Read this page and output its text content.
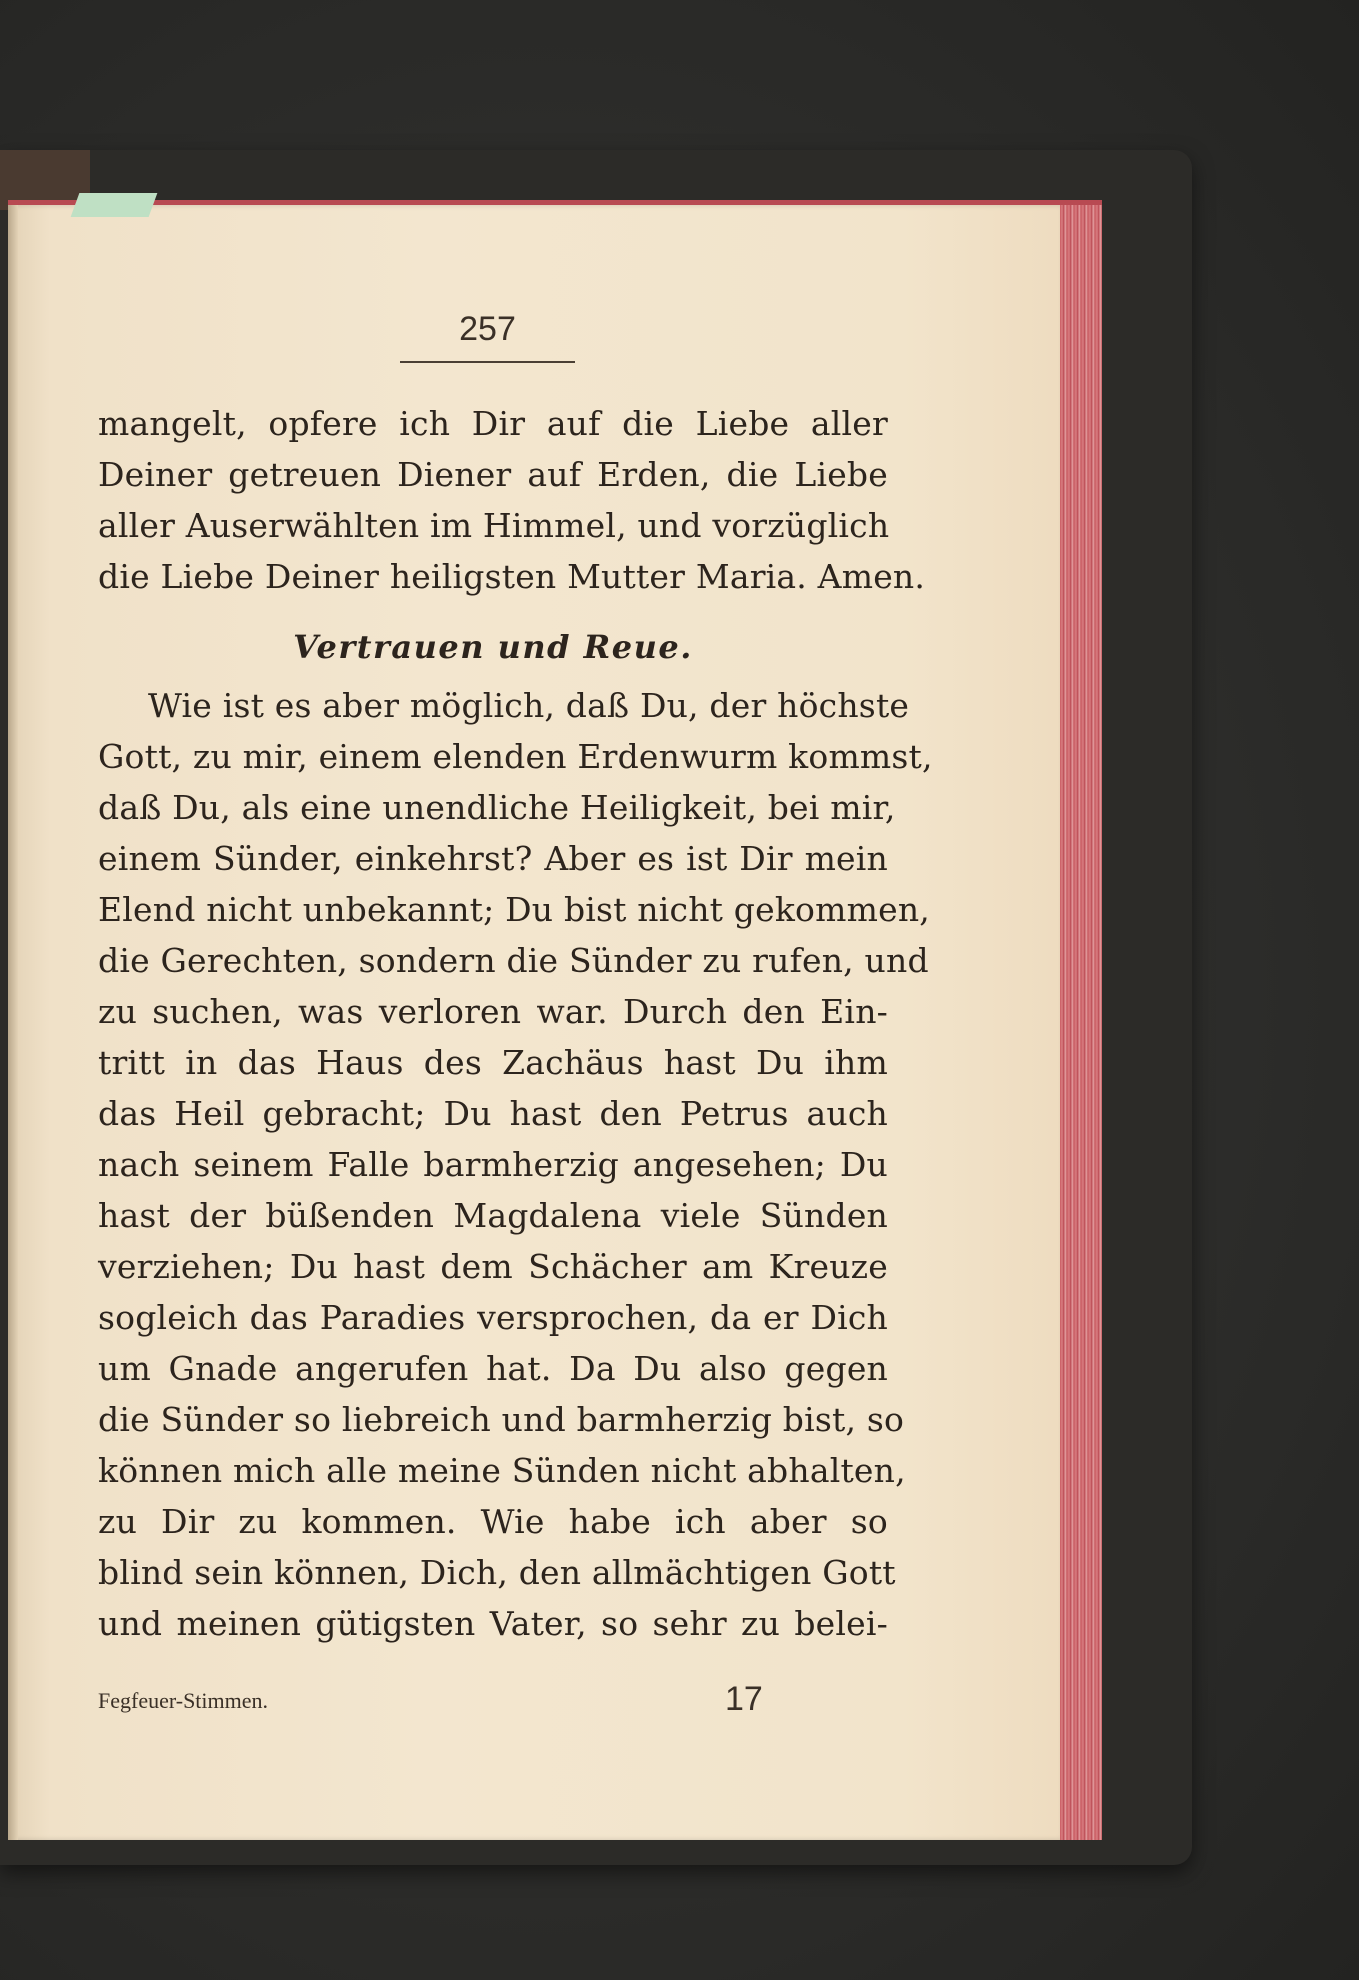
257
mangelt, opfere ich Dir auf die Liebe aller
Deiner getreuen Diener auf Erden, die Liebe
aller Auserwählten im Himmel, und vorzüglich
die Liebe Deiner heiligsten Mutter Maria. Amen.
Vertrauen und Reue.
Wie ist es aber möglich, daß Du, der höchste
Gott, zu mir, einem elenden Erdenwurm kommst,
daß Du, als eine unendliche Heiligkeit, bei mir,
einem Sünder, einkehrst? Aber es ist Dir mein
Elend nicht unbekannt; Du bist nicht gekommen,
die Gerechten, sondern die Sünder zu rufen, und
zu suchen, was verloren war. Durch den Ein-
tritt in das Haus des Zachäus hast Du ihm
das Heil gebracht; Du hast den Petrus auch
nach seinem Falle barmherzig angesehen; Du
hast der büßenden Magdalena viele Sünden
verziehen; Du hast dem Schächer am Kreuze
sogleich das Paradies versprochen, da er Dich
um Gnade angerufen hat. Da Du also gegen
die Sünder so liebreich und barmherzig bist, so
können mich alle meine Sünden nicht abhalten,
zu Dir zu kommen. Wie habe ich aber so
blind sein können, Dich, den allmächtigen Gott
und meinen gütigsten Vater, so sehr zu belei-
Fegfeuer-Stimmen.	17
